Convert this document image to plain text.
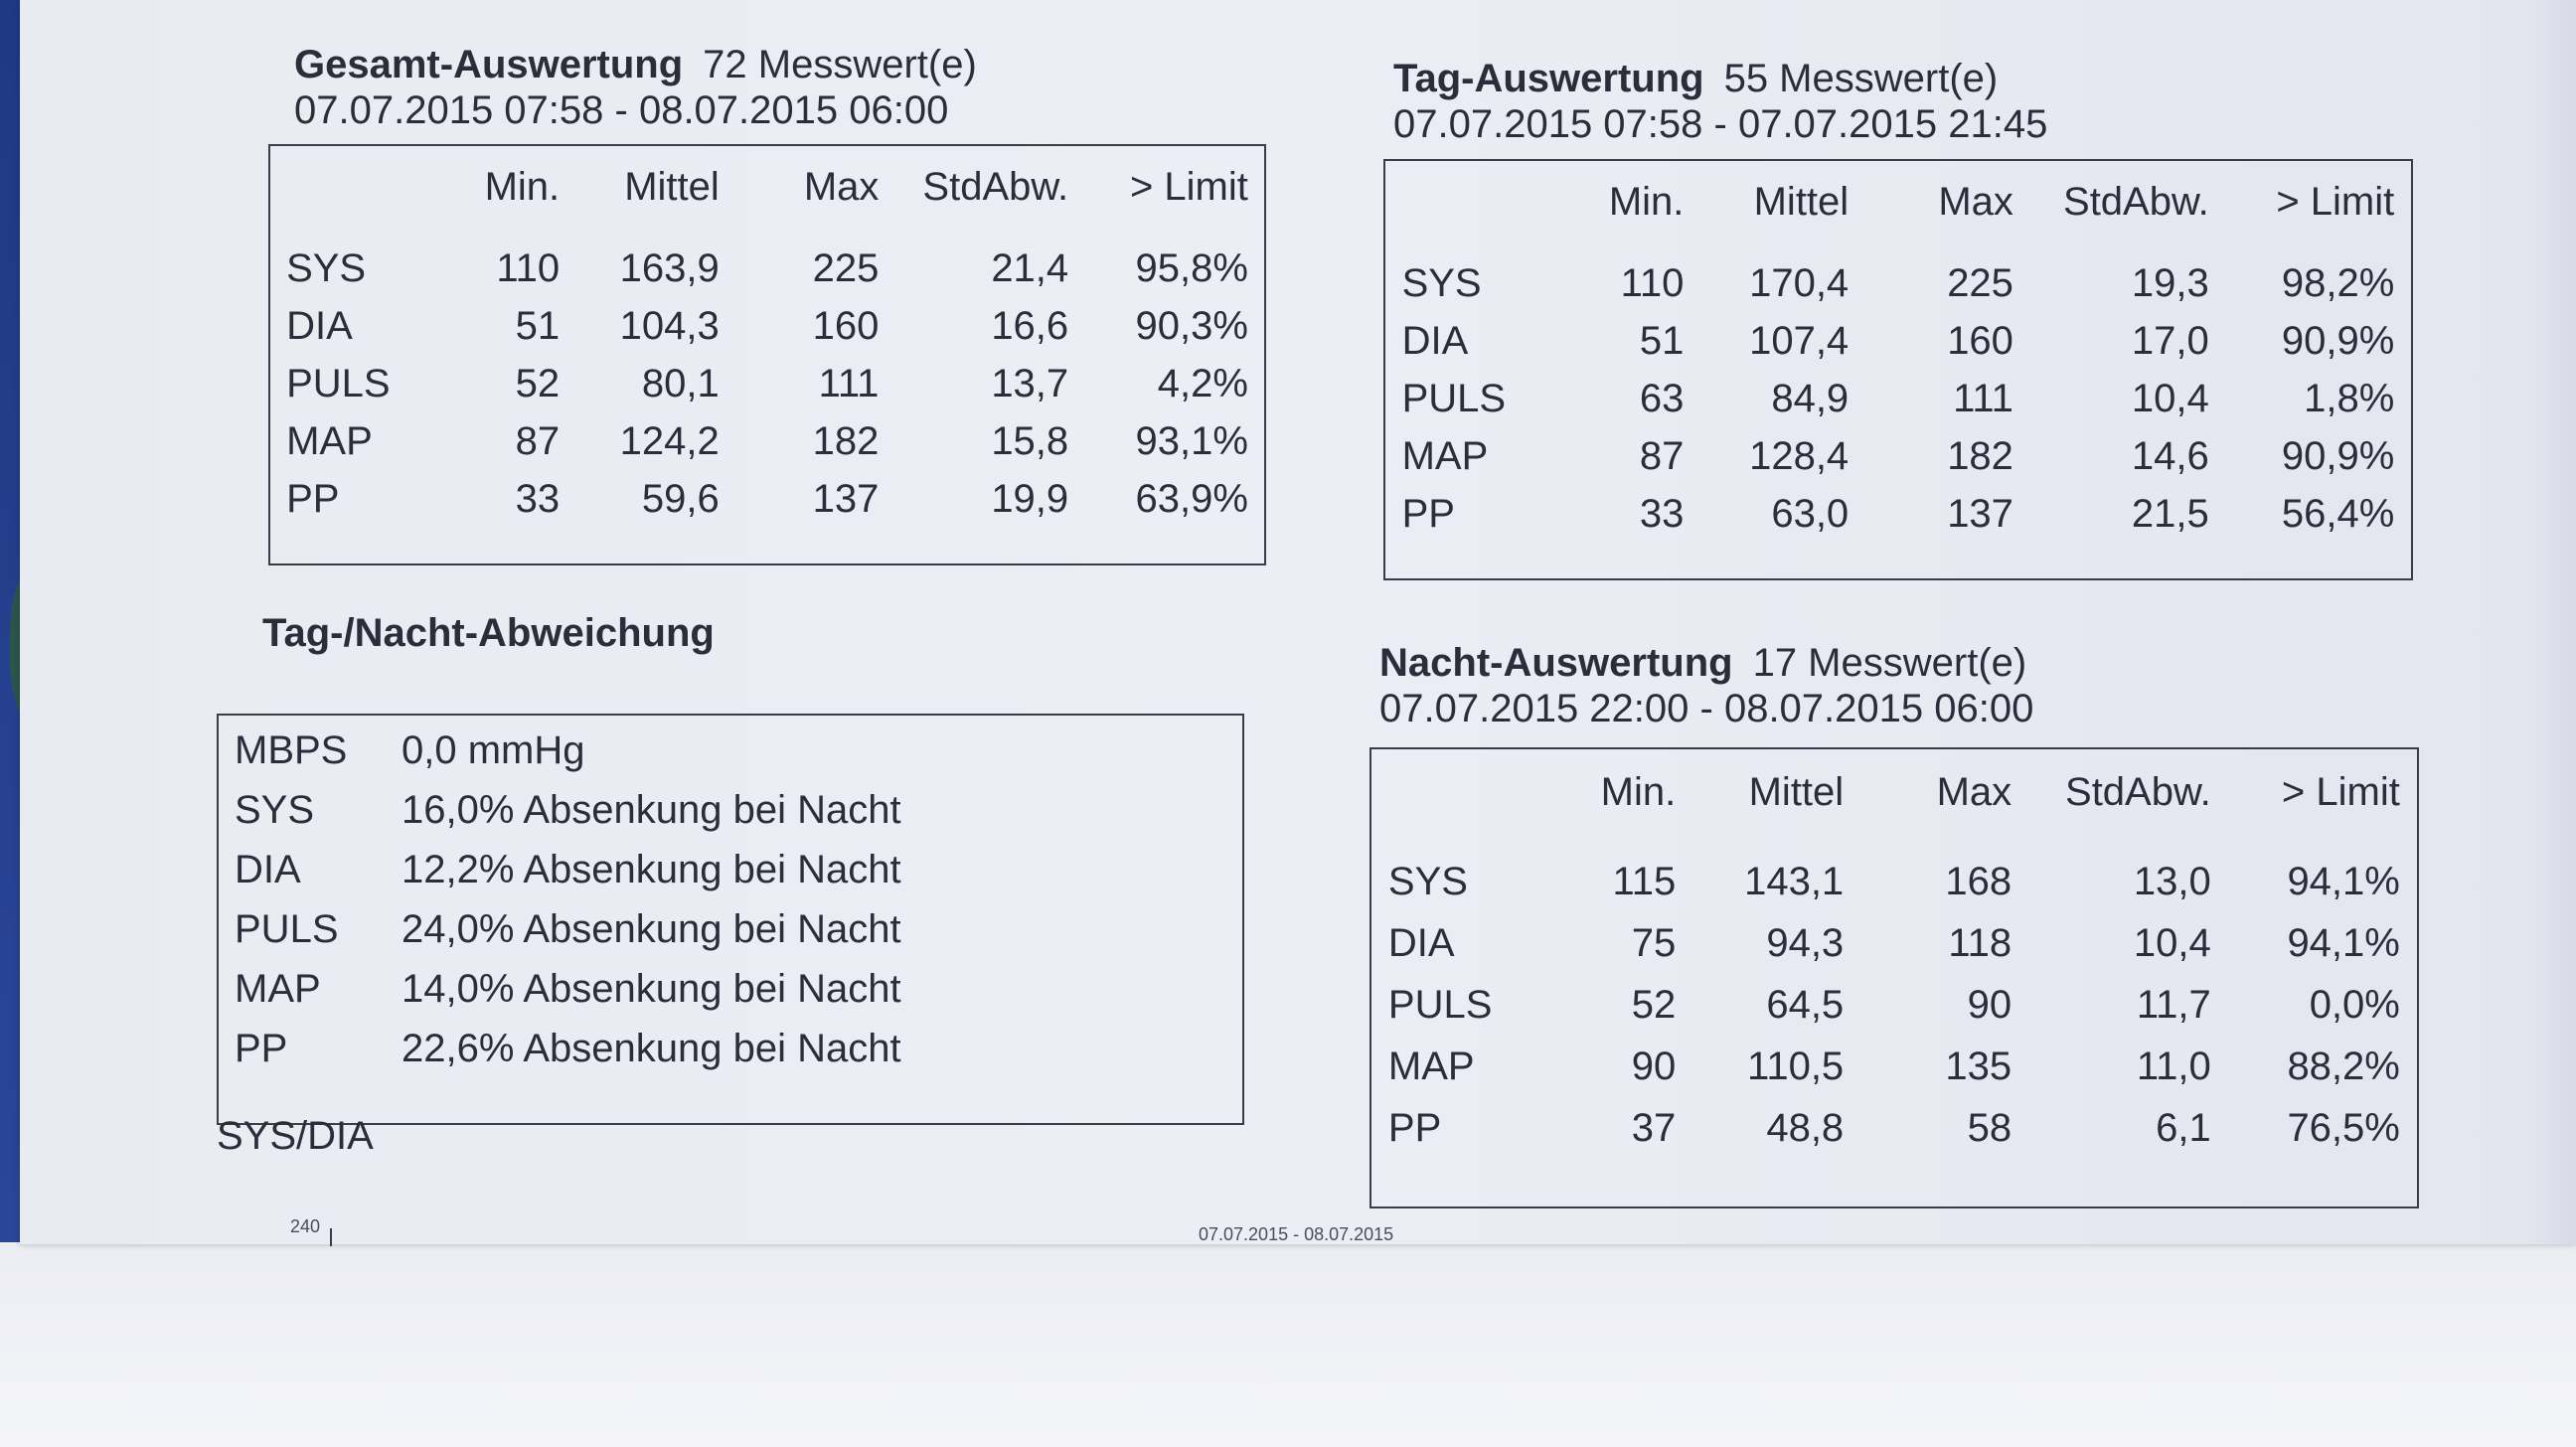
Gesamt-Auswertung 72 Messwert(e)
07.07.2015 07:58 - 08.07.2015 06:00
Min.	Mittel	Max	StdAbw.	> Limit
SYS	110	163,9	225	21,4	95,8%
DIA	51	104,3	160	16,6	90,3%
PULS	52	80,1	111	13,7	4,2%
MAP	87	124,2	182	15,8	93,1%
PP	33	59,6	137	19,9	63,9%
Tag-Auswertung 55 Messwert(e)
07.07.2015 07:58 - 07.07.2015 21:45
Min.	Mittel	Max	StdAbw.	> Limit
SYS	110	170,4	225	19,3	98,2%
DIA	51	107,4	160	17,0	90,9%
PULS	63	84,9	111	10,4	1,8%
MAP	87	128,4	182	14,6	90,9%
PP	33	63,0	137	21,5	56,4%
Tag-/Nacht-Abweichung
MBPS 0,0 mmHg
SYS 16,0% Absenkung bei Nacht
DIA	12,2% Absenkung bei Nacht
PULS 24,0% Absenkung bei Nacht
MAP 14,0% Absenkung bei Nacht
PP	22,6% Absenkung bei Nacht
Nacht-Auswertung 17 Messwert(e)
07.07.2015 22:00 - 08.07.2015 06:00
Min.	Mittel	Max	StdAbw.	> Limit
SYS	115	143,1	168	13,0	94,1%
DIA	75	94,3	118	10,4	94,1%
PULS	52	64,5	90	11,7	0,0%
MAP	90	110,5	135	11,0	88,2%
PP	37	48,8	58	6,1	76,5%
SYS/DIA
240	07.07.2015 - 08.07.2015
